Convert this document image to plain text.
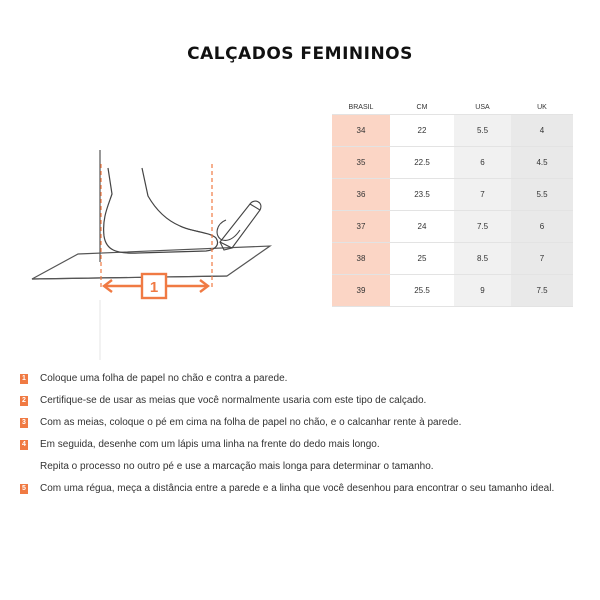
CALÇADOS FEMININOS
1
BRASIL	CM	USA	UK
34	22	5.5	4
35	22.5	6	4.5
36	23.5	7	5.5
37	24	7.5	6
38	25	8.5	7
39	25.5	9	7.5
1 Coloque uma folha de papel no chão e contra a parede.

2 Certifique-se de usar as meias que você normalmente usaria com este tipo de calçado.

3 Com as meias, coloque o pé em cima na folha de papel no chão, e o calcanhar rente à parede.

4 Em seguida, desenhe com um lápis uma linha na frente do dedo mais longo.

Repita o processo no outro pé e use a marcação mais longa para determinar o tamanho.

5 Com uma régua, meça a distância entre a parede e a linha que você desenhou para encontrar o seu tamanho ideal.
